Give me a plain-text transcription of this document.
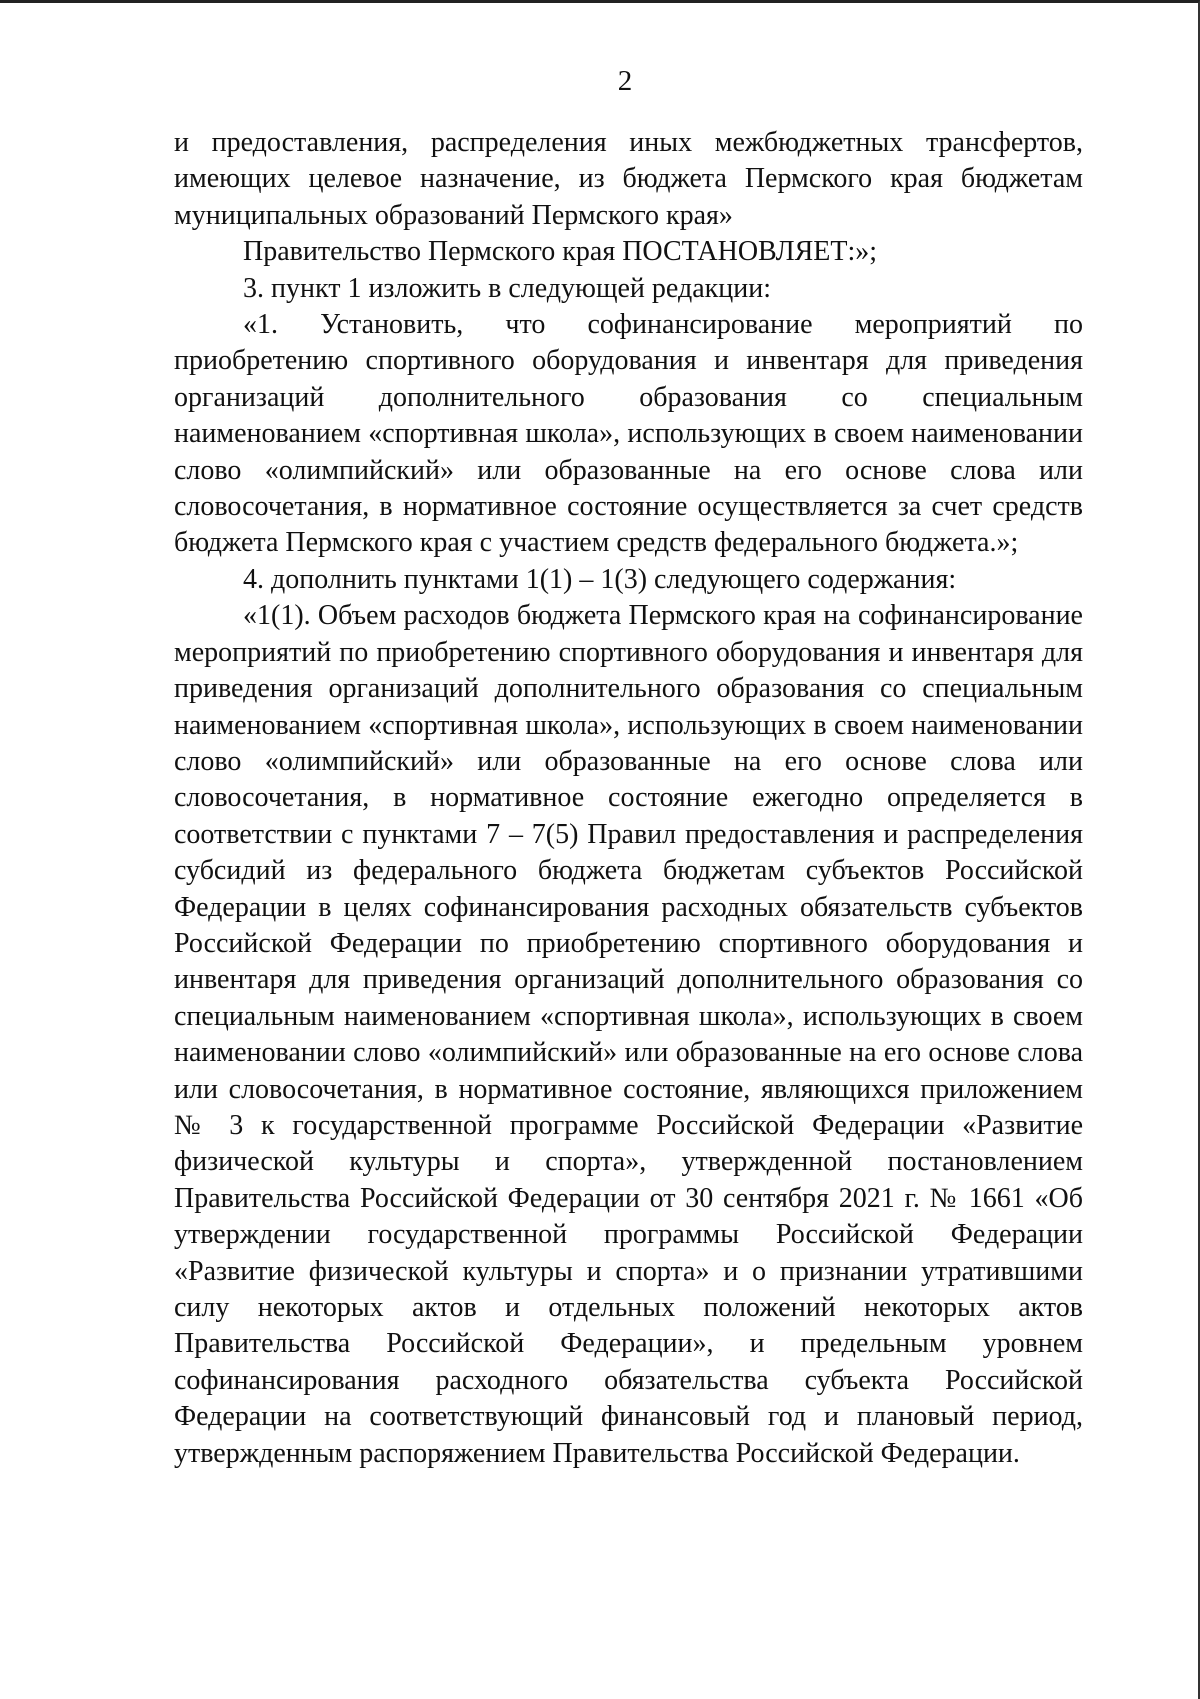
2

и предоставления, распределения иных межбюджетных трансфертов, имеющих целевое назначение, из бюджета Пермского края бюджетам муниципальных образований Пермского края»

Правительство Пермского края ПОСТАНОВЛЯЕТ:»;

3. пункт 1 изложить в следующей редакции:

«1. Установить, что софинансирование мероприятий по приобретению спортивного оборудования и инвентаря для приведения организаций дополнительного образования со специальным наименованием «спортивная школа», использующих в своем наименовании слово «олимпийский» или образованные на его основе слова или словосочетания, в нормативное состояние осуществляется за счет средств бюджета Пермского края с участием средств федерального бюджета.»;

4. дополнить пунктами 1(1) – 1(3) следующего содержания:

«1(1). Объем расходов бюджета Пермского края на софинансирование мероприятий по приобретению спортивного оборудования и инвентаря для приведения организаций дополнительного образования со специальным наименованием «спортивная школа», использующих в своем наименовании слово «олимпийский» или образованные на его основе слова или словосочетания, в нормативное состояние ежегодно определяется в соответствии с пунктами 7 – 7(5) Правил предоставления и распределения субсидий из федерального бюджета бюджетам субъектов Российской Федерации в целях софинансирования расходных обязательств субъектов Российской Федерации по приобретению спортивного оборудования и инвентаря для приведения организаций дополнительного образования со специальным наименованием «спортивная школа», использующих в своем наименовании слово «олимпийский» или образованные на его основе слова или словосочетания, в нормативное состояние, являющихся приложением № 3 к государственной программе Российской Федерации «Развитие физической культуры и спорта», утвержденной постановлением Правительства Российской Федерации от 30 сентября 2021 г. № 1661 «Об утверждении государственной программы Российской Федерации «Развитие физической культуры и спорта» и о признании утратившими силу некоторых актов и отдельных положений некоторых актов Правительства Российской Федерации», и предельным уровнем софинансирования расходного обязательства субъекта Российской Федерации на соответствующий финансовый год и плановый период, утвержденным распоряжением Правительства Российской Федерации.
